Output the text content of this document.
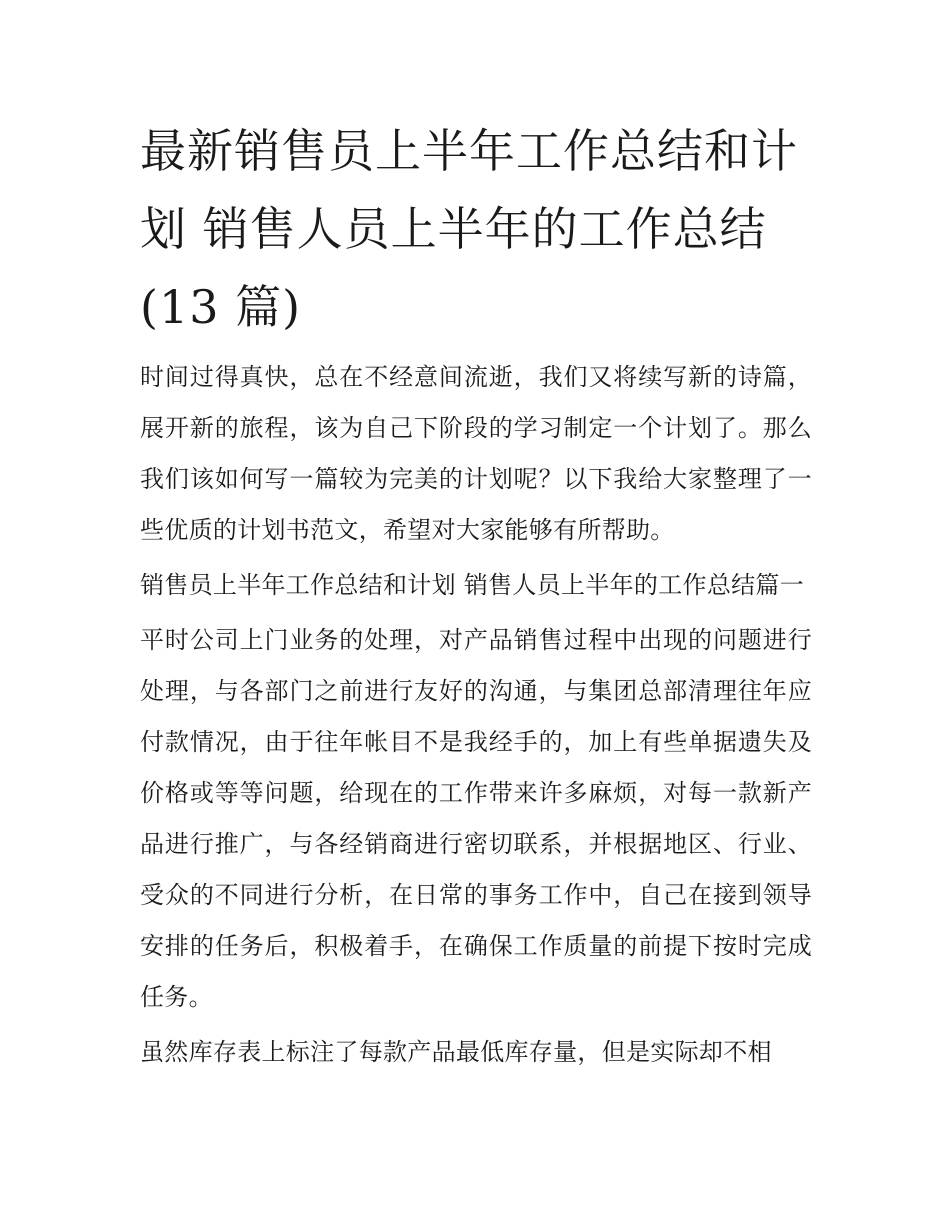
最新销售员上半年工作总结和计划 销售人员上半年的工作总结(13 篇)

时间过得真快，总在不经意间流逝，我们又将续写新的诗篇，展开新的旅程，该为自己下阶段的学习制定一个计划了。那么我们该如何写一篇较为完美的计划呢？以下我给大家整理了一些优质的计划书范文，希望对大家能够有所帮助。

销售员上半年工作总结和计划 销售人员上半年的工作总结篇一

平时公司上门业务的处理，对产品销售过程中出现的问题进行处理，与各部门之前进行友好的沟通，与集团总部清理往年应付款情况，由于往年帐目不是我经手的，加上有些单据遗失及价格或等等问题，给现在的工作带来许多麻烦，对每一款新产品进行推广，与各经销商进行密切联系，并根据地区、行业、受众的不同进行分析，在日常的事务工作中，自己在接到领导安排的任务后，积极着手，在确保工作质量的前提下按时完成任务。

虽然库存表上标注了每款产品最低库存量，但是实际却不相
